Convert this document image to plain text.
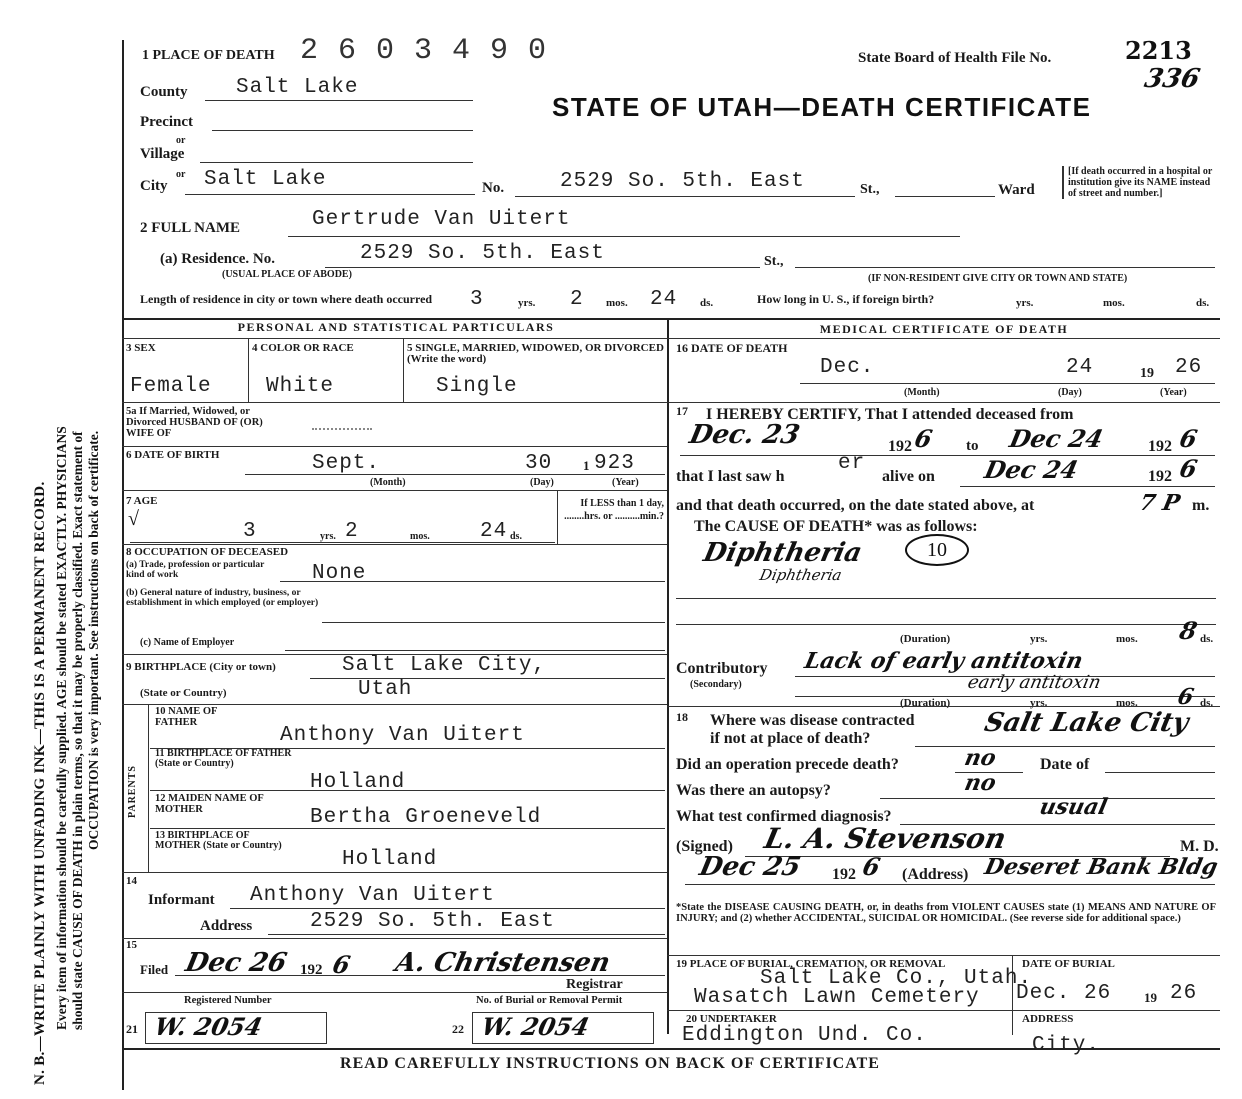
N. B.—WRITE PLAINLY WITH UNFADING INK—THIS IS A PERMANENT RECORD. Every item of information should be carefully supplied. AGE should be stated EXACTLY. PHYSICIANS should state CAUSE OF DEATH in plain terms, so that it may be properly classified. Exact statement of OCCUPATION is very important. See instructions on back of certificate.
1 PLACE OF DEATH 2 6 0 3 4 9 0	State Board of Health File No.	2213
336
STATE OF UTAH—DEATH CERTIFICATE
County Salt Lake
Precinct
or
Village
or
City Salt Lake	No.	2529 So. 5th. East	St.,	Ward
[If death occurred in a hospital or institution give its NAME instead of street and number.]
2 FULL NAME	Gertrude Van Uitert
(a) Residence. No.
(USUAL PLACE OF ABODE)
2529 So. 5th. East	St.,
(IF NON-RESIDENT GIVE CITY OR TOWN AND STATE)
Length of residence in city or town where death occurred 3	yrs. 2 mos. 24 ds.	How long in U. S., if foreign birth?	yrs.	mos.	ds.
PERSONAL AND STATISTICAL PARTICULARS
3 SEX
Female
4 COLOR OR RACE
White
5 SINGLE, MARRIED, WIDOWED, OR DIVORCED (Write the word)
Single
5a If Married, Widowed, or Divorced HUSBAND OF (OR) WIFE OF
6 DATE OF BIRTH	Sept.	30 1 923
(Month)	(Day)	(Year)
7 AGE
√
3	yrs. 2	mos. 24 ds.
If LESS than 1 day, ........hrs. or ..........min.?
8 OCCUPATION OF DECEASED
(a) Trade, profession or particular kind of work	None
(b) General nature of industry, business, or establishment in which employed (or employer)
(c) Name of Employer
9 BIRTHPLACE (City or town)	Salt Lake City,
(State or Country)	Utah
PARENTS
10 NAME OF FATHER
Anthony Van Uitert
11 BIRTHPLACE OF FATHER (State or Country)
Holland
12 MAIDEN NAME OF MOTHER	Bertha Groeneveld
13 BIRTHPLACE OF MOTHER (State or Country)
Holland
14
Informant Anthony Van Uitert
Address	2529 So. 5th. East
15
Filed Dec 26 192 6 A. Christensen
Registrar
Registered Number	No. of Burial or Removal Permit
21 W. 2054	22 W. 2054
MEDICAL CERTIFICATE OF DEATH
16 DATE OF DEATH
Dec.	24	19 26
(Month)	(Day)	(Year)
17 I HEREBY CERTIFY, That I attended deceased from
Dec. 23	192 6 to Dec 24	192 6
that I last saw h
er
alive on Dec 24	192 6
and that death occurred, on the date stated above, at	7 P m.
The CAUSE OF DEATH* was as follows:
Diphtheria	10
Diphtheria
(Duration)	yrs.	mos. 8 ds.
Contributory
(Secondary)
Lack of early antitoxin
early antitoxin
(Duration)	yrs.	mos. 6 ds.
18 Where was disease contracted
if not at place of death?
Salt Lake City
Did an operation precede death?	no	Date of
Was there an autopsy?	no
What test confirmed diagnosis?	usual
(Signed) L. A. Stevenson	M. D.
Dec 25 192 6 (Address) Deseret Bank Bldg
*State the DISEASE CAUSING DEATH, or, in deaths from VIOLENT CAUSES state (1) MEANS AND NATURE OF INJURY; and (2) whether ACCIDENTAL, SUICIDAL OR HOMICIDAL. (See reverse side for additional space.)
19 PLACE OF BURIAL, CREMATION, OR REMOVAL
Salt Lake Co., Utah.
Wasatch Lawn Cemetery
DATE OF BURIAL
Dec. 26	19 26
20 UNDERTAKER
Eddington Und. Co.
ADDRESS
City.
READ CAREFULLY INSTRUCTIONS ON BACK OF CERTIFICATE
